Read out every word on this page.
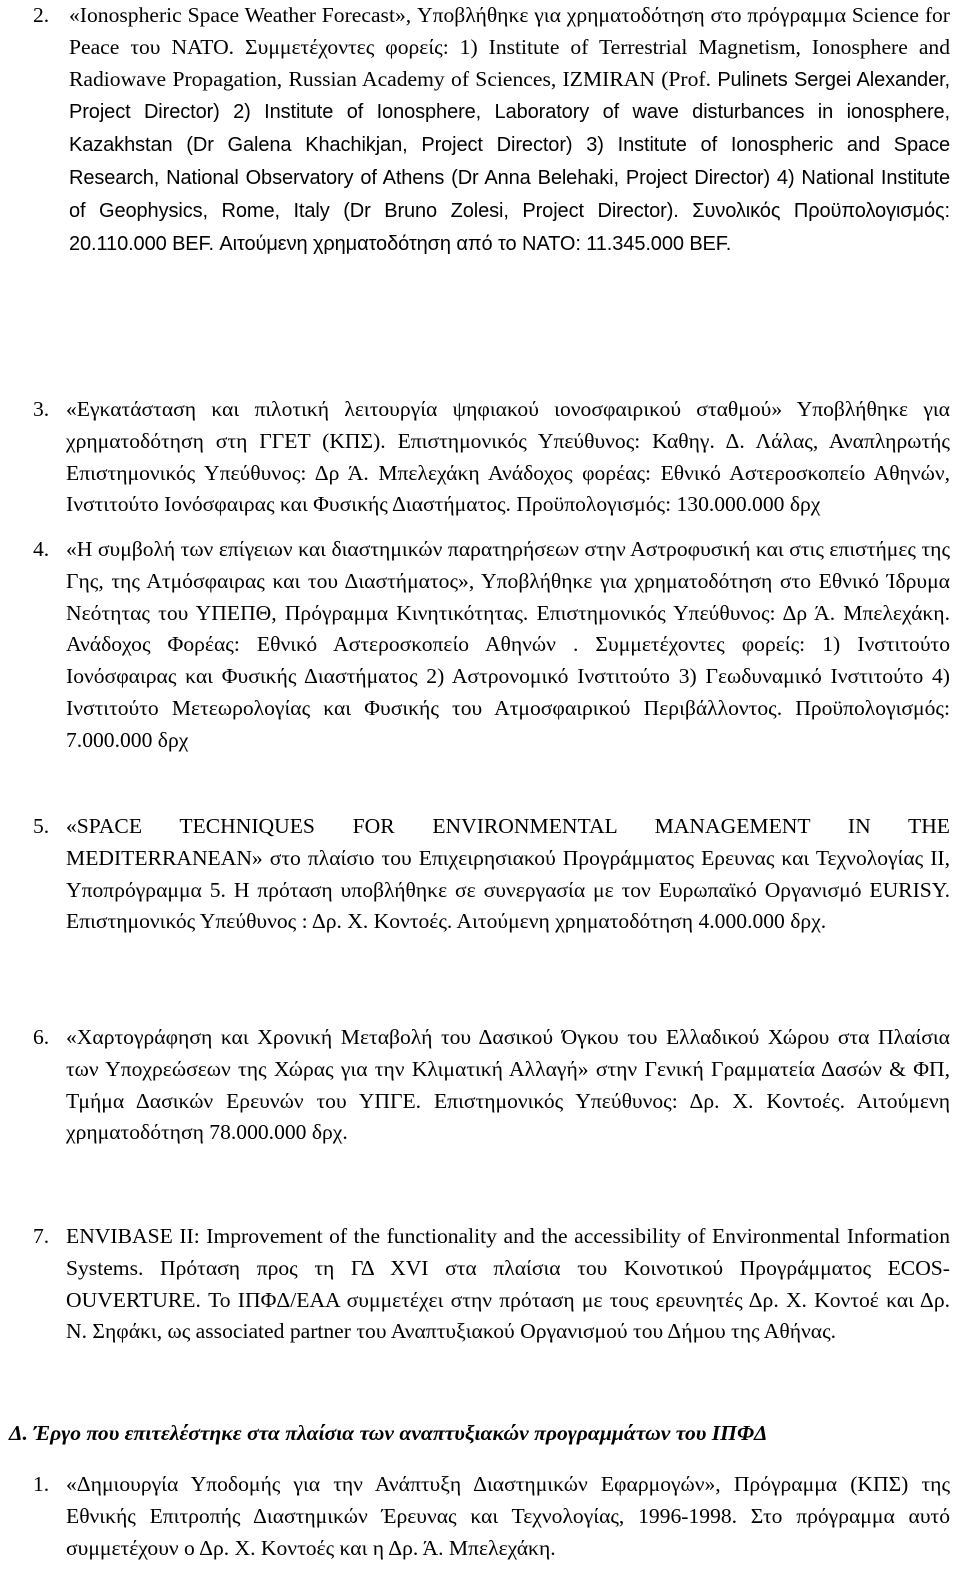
2. «Ionospheric Space Weather Forecast», Υποβλήθηκε για χρηματοδότηση στο πρόγραμμα Science for Peace του ΝΑΤΟ. Συμμετέχοντες φορείς: 1) Institute of Terrestrial Magnetism, Ionosphere and Radiowave Propagation, Russian Academy of Sciences, IZMIRAN (Prof. Pulinets Sergei Alexander, Project Director) 2) Institute of Ionosphere, Laboratory of wave disturbances in ionosphere, Kazakhstan (Dr Galena Khachikjan, Project Director) 3) Institute of Ionospheric and Space Research, National Observatory of Athens (Dr Anna Belehaki, Project Director) 4) National Institute of Geophysics, Rome, Italy (Dr Bruno Zolesi, Project Director). Συνολικός Προϋπολογισμός: 20.110.000 BEF. Αιτούμενη χρηματοδότηση από το ΝΑΤΟ: 11.345.000 BEF.
3. «Εγκατάσταση και πιλοτική λειτουργία ψηφιακού ιονοσφαιρικού σταθμού» Υποβλήθηκε για χρηματοδότηση στη ΓΓΕΤ (ΚΠΣ). Επιστημονικός Υπεύθυνος: Καθηγ. Δ. Λάλας, Αναπληρωτής Επιστημονικός Υπεύθυνος: Δρ Ά. Μπελεχάκη Ανάδοχος φορέας: Εθνικό Αστεροσκοπείο Αθηνών, Ινστιτούτο Ιονόσφαιρας και Φυσικής Διαστήματος. Προϋπολογισμός: 130.000.000 δρχ
4. «Η συμβολή των επίγειων και διαστημικών παρατηρήσεων στην Αστροφυσική και στις επιστήμες της Γης, της Ατμόσφαιρας και του Διαστήματος», Υποβλήθηκε για χρηματοδότηση στο Εθνικό Ίδρυμα Νεότητας του ΥΠΕΠΘ, Πρόγραμμα Κινητικότητας. Επιστημονικός Υπεύθυνος: Δρ Ά. Μπελεχάκη. Ανάδοχος Φορέας: Εθνικό Αστεροσκοπείο Αθηνών . Συμμετέχοντες φορείς: 1) Ινστιτούτο Ιονόσφαιρας και Φυσικής Διαστήματος 2) Αστρονομικό Ινστιτούτο 3) Γεωδυναμικό Ινστιτούτο 4) Ινστιτούτο Μετεωρολογίας και Φυσικής του Ατμοσφαιρικού Περιβάλλοντος. Προϋπολογισμός: 7.000.000 δρχ
5. «SPACE TECHNIQUES FOR ENVIRONMENTAL MANAGEMENT IN THE MEDITERRANEAN» στο πλαίσιο του Επιχειρησιακού Προγράμματος Ερευνας και Τεχνολογίας ΙΙ, Υποπρόγραμμα 5. Η πρόταση υποβλήθηκε σε συνεργασία με τον Ευρωπαϊκό Οργανισμό EURISY. Επιστημονικός Υπεύθυνος : Δρ. Χ. Κοντοές. Αιτούμενη χρηματοδότηση 4.000.000 δρχ.
6. «Χαρτογράφηση και Χρονική Μεταβολή του Δασικού Όγκου του Ελλαδικού Χώρου στα Πλαίσια των Υποχρεώσεων της Χώρας για την Κλιματική Αλλαγή» στην Γενική Γραμματεία Δασών & ΦΠ, Τμήμα Δασικών Ερευνών του ΥΠΓΕ. Επιστημονικός Υπεύθυνος: Δρ. Χ. Κοντοές. Αιτούμενη χρηματοδότηση 78.000.000 δρχ.
7. ENVIBASE II: Improvement of the functionality and the accessibility of Environmental Information Systems. Πρόταση προς τη ΓΔ XVI στα πλαίσια του Κοινοτικού Προγράμματος ECOS-OUVERTURE. Το ΙΠΦΔ/ΕΑΑ συμμετέχει στην πρόταση με τους ερευνητές Δρ. Χ. Κοντοέ και Δρ. Ν. Σηφάκι, ως associated partner του Αναπτυξιακού Οργανισμού του Δήμου της Αθήνας.
Δ. Έργο που επιτελέστηκε στα πλαίσια των αναπτυξιακών προγραμμάτων του ΙΠΦΔ
1. «Δημιουργία Υποδομής για την Ανάπτυξη Διαστημικών Εφαρμογών», Πρόγραμμα (ΚΠΣ) της Εθνικής Επιτροπής Διαστημικών Έρευνας και Τεχνολογίας, 1996-1998. Στο πρόγραμμα αυτό συμμετέχουν ο Δρ. Χ. Κοντοές και η Δρ. Ά. Μπελεχάκη.
